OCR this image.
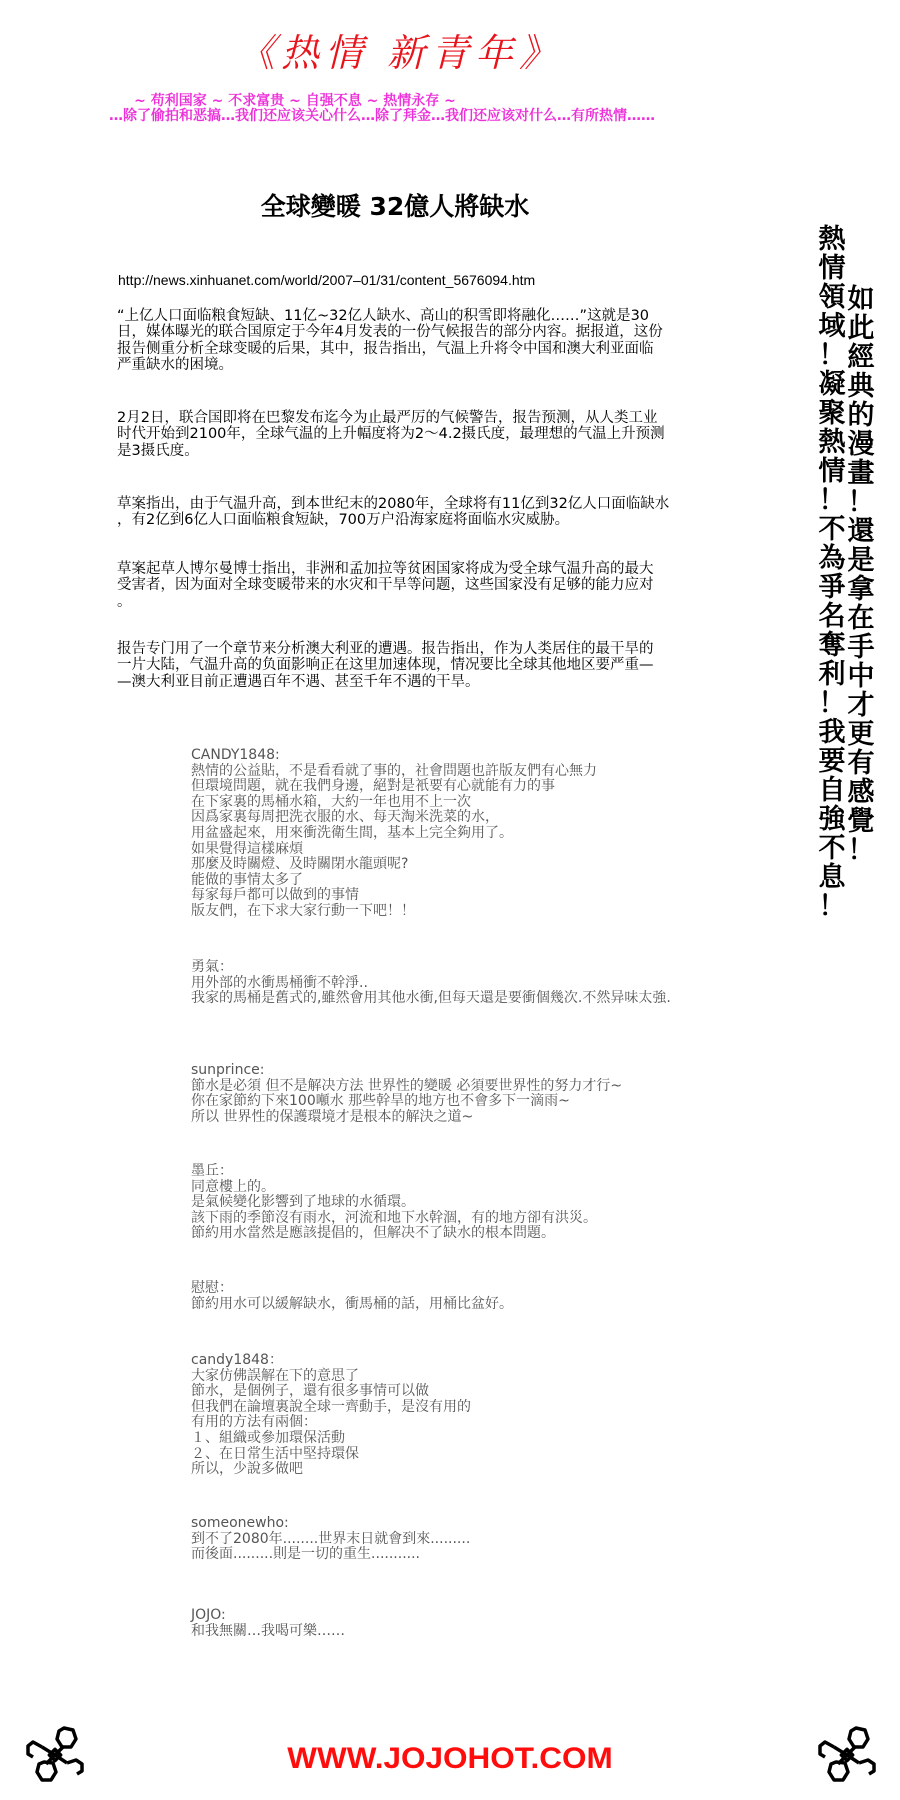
《热情 新青年》
~ 苟利国家 ~ 不求富贵 ~ 自强不息 ~ 热情永存 ~
…除了偷拍和恶搞…我们还应该关心什么…除了拜金…我们还应该对什么…有所热情……
全球變暖 32億人將缺水
http://news.xinhuanet.com/world/2007–01/31/content_5676094.htm

“上亿人口面临粮食短缺、11亿~32亿人缺水、高山的积雪即将融化……”这就是30
日，媒体曝光的联合国原定于今年4月发表的一份气候报告的部分内容。据报道，这份
报告侧重分析全球变暖的后果，其中，报告指出，气温上升将令中国和澳大利亚面临
严重缺水的困境。

2月2日，联合国即将在巴黎发布迄今为止最严厉的气候警告，报告预测，从人类工业
时代开始到2100年，全球气温的上升幅度将为2～4.2摄氏度，最理想的气温上升预测
是3摄氏度。

草案指出，由于气温升高，到本世纪末的2080年，全球将有11亿到32亿人口面临缺水
，有2亿到6亿人口面临粮食短缺，700万户沿海家庭将面临水灾威胁。

草案起草人博尔曼博士指出，非洲和孟加拉等贫困国家将成为受全球气温升高的最大
受害者，因为面对全球变暖带来的水灾和干旱等问题，这些国家没有足够的能力应对
。

报告专门用了一个章节来分析澳大利亚的遭遇。报告指出，作为人类居住的最干旱的
一片大陆，气温升高的负面影响正在这里加速体现，情况要比全球其他地区要严重—
—澳大利亚目前正遭遇百年不遇、甚至千年不遇的干旱。

CANDY1848:
熱情的公益貼，不是看看就了事的，社會問題也許版友們有心無力
但環境問題，就在我們身邊，絕對是衹要有心就能有力的事
在下家裏的馬桶水箱，大約一年也用不上一次
因爲家裏每周把洗衣服的水、每天淘米洗菜的水，
用盆盛起來，用來衝洗衛生間，基本上完全夠用了。
如果覺得這樣麻煩
那麼及時關燈、及時關閉水龍頭呢?
能做的事情太多了
每家每戶都可以做到的事情
版友們，在下求大家行動一下吧！！
勇氣：
用外部的水衝馬桶衝不幹淨..
我家的馬桶是舊式的,雖然會用其他水衝,但每天還是要衝個幾次.不然异味太強.
sunprince:
節水是必須 但不是解决方法 世界性的變暖 必須要世界性的努力才行~
你在家節約下來100噸水 那些幹旱的地方也不會多下一滴雨~
所以 世界性的保護環境才是根本的解決之道~
墨丘：
同意樓上的。
是氣候變化影響到了地球的水循環。
該下雨的季節沒有雨水，河流和地下水幹涸，有的地方卻有洪災。
節約用水當然是應該提倡的，但解决不了缺水的根本問題。
慰慰：
節約用水可以緩解缺水，衝馬桶的話，用桶比盆好。
candy1848：
大家仿佛誤解在下的意思了
節水，是個例子，還有很多事情可以做
但我們在論壇裏說全球一齊動手，是沒有用的
有用的方法有兩個：
１、組織或參加環保活動
２、在日常生活中堅持環保
所以，少說多做吧
someonewho:
到不了2080年........世界末日就會到來.........
而後面.........則是一切的重生...........
JOJO:
和我無關…我喝可樂……
如
此
經
典
的
漫
畫
！
還
是
拿
在
手
中
才
更
有
感
覺
！
熱
情
領
域
！
凝
聚
熱
情
！
不
為
爭
名
奪
利
！
我
要
自
強
不
息
！
WWW.JOJOHOT.COM
